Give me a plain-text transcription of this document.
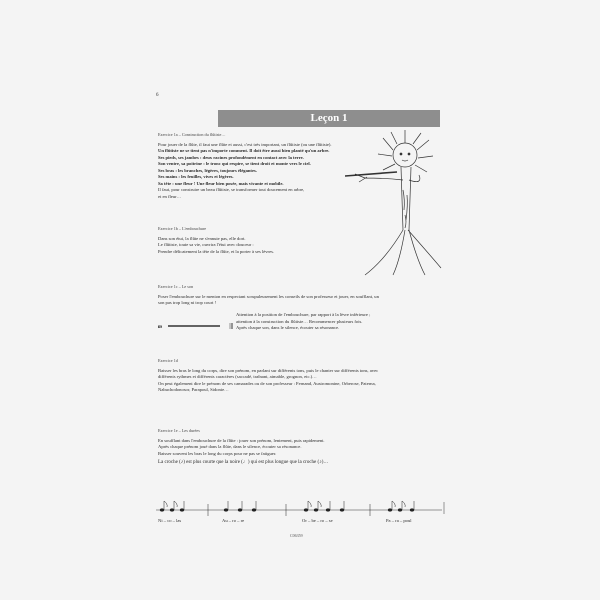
6
Leçon 1

Exercice 1a – Construction du flûtiste…

Pour jouer de la flûte, il faut une flûte et aussi, c'est très important, un flûtiste (ou une flûtiste).

Un flûtiste ne se tient pas n'importe comment. Il doit être aussi bien planté qu'un arbre.

Ses pieds, ses jambes : deux racines profondément en contact avec la terre.

Son ventre, sa poitrine : le tronc qui respire, se tient droit et monte vers le ciel.

Ses bras : les branches, légères, toujours élégantes.

Ses mains : les feuilles, vives et légères.

Sa tête : une fleur ! Une fleur bien posée, mais vivante et mobile.

Il faut, pour construire un beau flûtiste, se transformer tout doucement en arbre,

et en fleur…

Exercice 1b – L'embouchure

Dans son étui, la flûte ne s'ennuie pas, elle dort.

Le flûtiste, toute sa vie, ouvrira l'étui avec douceur :

Prendre délicatement la tête de la flûte, et la porter à ses lèvres.

Exercice 1c – Le son

Poser l'embouchure sur le menton en respectant scrupuleusement les conseils de son professeur et jouer, en soufflant, un

son pas trop long ni trop court !

m

Attention à la position de l'embouchure, par rapport à la lèvre inférieure ;

attention à la construction du flûtiste… Recommencer plusieurs fois.

Après chaque son, dans le silence, écouter sa résonance.

Exercice 1d

Baisser les bras le long du corps, dire son prénom, en parlant sur différents tons, puis le chanter sur différents tons, avec

différents rythmes et différents caractères (saccadé, traînant, aimable, grognon, etc.)…

On peut également dire le prénom de ses camarades ou de son professeur : Fernand, Austromonine, Orberose, Paterna,

Nabuchodonosor, Parapoul, Sidonie…

Exercice 1e – Les durées

En soufflant dans l'embouchure de la flûte : jouer son prénom, lentement, puis rapidement.

Après chaque prénom joué dans la flûte, dans le silence, écouter sa résonance.

Baisser souvent les bras le long du corps pour ne pas se fatiguer.

La croche (♪) est plus courte que la noire (♩) qui est plus longue que la croche (♪)…

Ni – co – las	Au – ro – re	Or – be – ro – se	Pa – ra – poul
C06359
